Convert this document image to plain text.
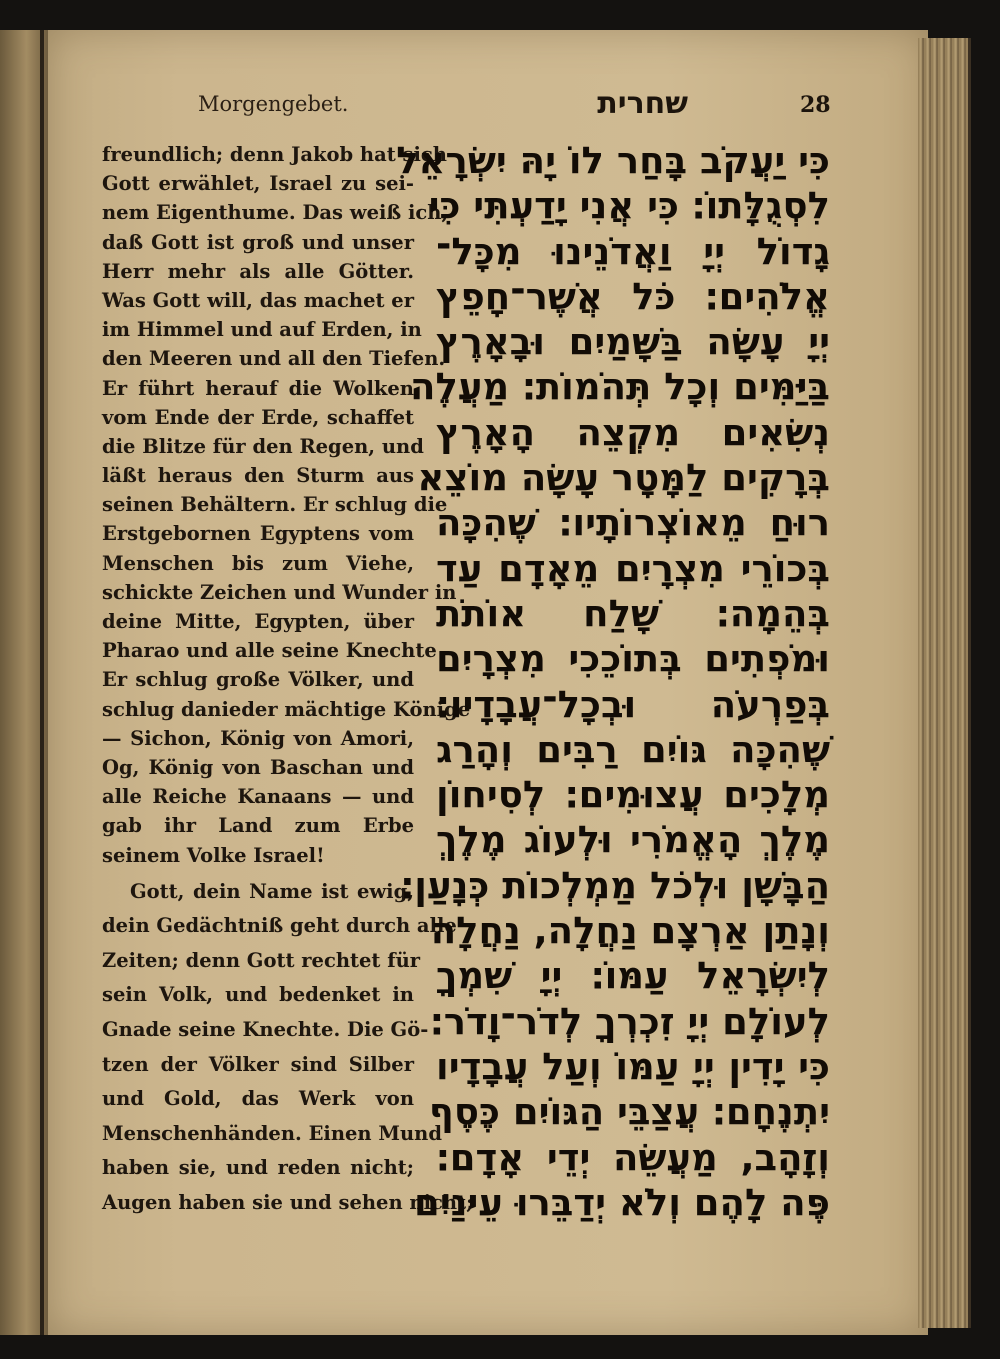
Morgengebet.	שחרית	28
freundlich; denn Jakob hat sich
Gott erwählet, Israel zu sei-
nem Eigenthume. Das weiß ich,
daß Gott ist groß und unser
Herr mehr als alle Götter.
Was Gott will, das machet er
im Himmel und auf Erden, in
den Meeren und all den Tiefen.
Er führt herauf die Wolken
vom Ende der Erde, schaffet
die Blitze für den Regen, und
läßt heraus den Sturm aus
seinen Behältern. Er schlug die
Erstgebornen Egyptens vom
Menschen bis zum Viehe,
schickte Zeichen und Wunder in
deine Mitte, Egypten, über
Pharao und alle seine Knechte
Er schlug große Völker, und
schlug danieder mächtige Könige
— Sichon, König von Amori,
Og, König von Baschan und
alle Reiche Kanaans — und
gab ihr Land zum Erbe
seinem Volke Israel!
Gott, dein Name ist ewig,
dein Gedächtniß geht durch alle
Zeiten; denn Gott rechtet für
sein Volk, und bedenket in
Gnade seine Knechte. Die Gö-
tzen der Völker sind Silber
und Gold, das Werk von
Menschenhänden. Einen Mund
haben sie, und reden nicht;
Augen haben sie und sehen nicht;
כִּי יַעֲקֹב בָּחַר לוֹ יָהּ יִשְׂרָאֵל
לִסְגֻלָּתוֹ׃ כִּי אֲנִי יָדַעְתִּי כִּי
גָדוֹל יְיָ וַאֲדֹנֵינוּ מִכָּל־
אֱלֹהִים׃ כֹּל אֲשֶׁר־חָפֵץ
יְיָ עָשָׂה בַּשָּׁמַיִם וּבָאָרֶץ
בַּיַּמִּים וְכָל תְּהֹמוֹת׃ מַעֲלֶה
נְשִׂאִים מִקְצֵה הָאָרֶץ
בְּרָקִים לַמָּטָר עָשָׂה מוֹצֵא
רוּחַ מֵאוֹצְרוֹתָיו׃ שֶׁהִכָּה
בְּכוֹרֵי מִצְרָיִם מֵאָדָם עַד
בְּהֵמָה׃ שָׁלַח אוֹתֹת
וּמֹפְתִים בְּתוֹכֵכִי מִצְרָיִם
בְּפַרְעֹה וּבְכָל־עֲבָדָיו׃
שֶׁהִכָּה גּוֹיִם רַבִּים וְהָרַג
מְלָכִים עֲצוּמִים׃ לְסִיחוֹן
מֶלֶךְ הָאֱמֹרִי וּלְעוֹג מֶלֶךְ
הַבָּשָׁן וּלְכֹל מַמְלְכוֹת כְּנָעַן׃
וְנָתַן אַרְצָם נַחֲלָה, נַחֲלָה
לְיִשְׂרָאֵל עַמּוֹ׃ יְיָ שִׁמְךָ
לְעוֹלָם יְיָ זִכְרְךָ לְדֹר־וָדֹר׃
כִּי יָדִין יְיָ עַמּוֹ וְעַל עֲבָדָיו
יִתְנֶחָם׃ עֲצַבֵּי הַגּוֹיִם כֶּסֶף
וְזָהָב, מַעֲשֵׂה יְדֵי אָדָם׃
פֶּה לָהֶם וְלֹא יְדַבֵּרוּ עֵינַיִם
